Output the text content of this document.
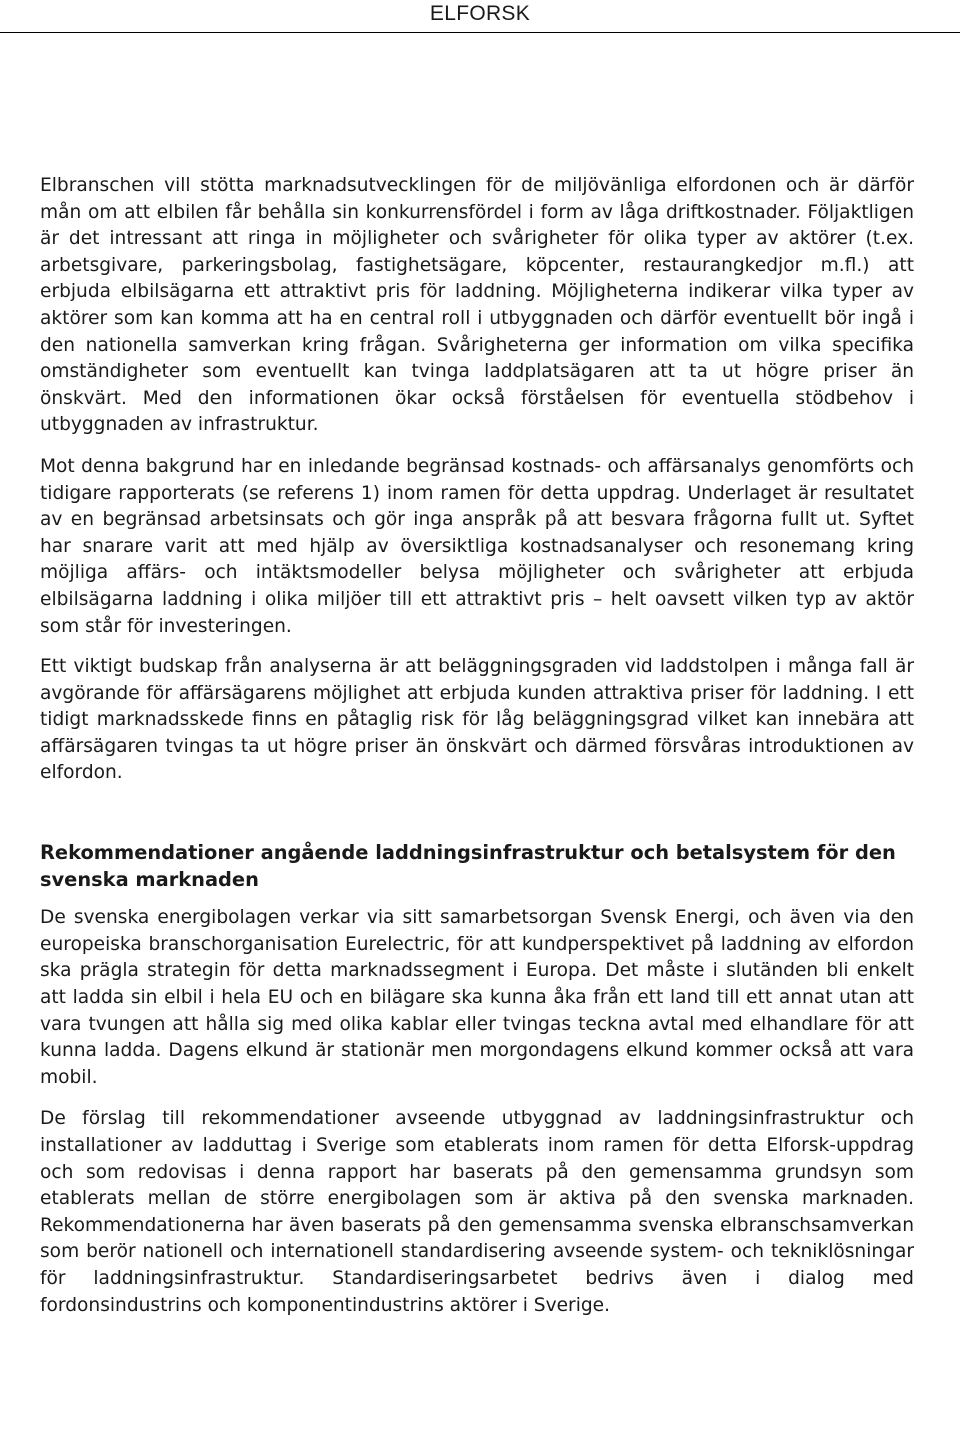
ELFORSK

Elbranschen vill stötta marknadsutvecklingen för de miljövänliga elfordonen och är därför mån om att elbilen får behålla sin konkurrensfördel i form av låga driftkostnader. Följaktligen är det intressant att ringa in möjligheter och svårigheter för olika typer av aktörer (t.ex. arbetsgivare, parkeringsbolag, fastighetsägare, köpcenter, restaurangkedjor m.fl.) att erbjuda elbilsägarna ett attraktivt pris för laddning. Möjligheterna indikerar vilka typer av aktörer som kan komma att ha en central roll i utbyggnaden och därför eventuellt bör ingå i den nationella samverkan kring frågan. Svårigheterna ger information om vilka specifika omständigheter som eventuellt kan tvinga laddplatsägaren att ta ut högre priser än önskvärt. Med den informationen ökar också förståelsen för eventuella stödbehov i utbyggnaden av infrastruktur.

Mot denna bakgrund har en inledande begränsad kostnads- och affärsanalys genomförts och tidigare rapporterats (se referens 1) inom ramen för detta uppdrag. Underlaget är resultatet av en begränsad arbetsinsats och gör inga anspråk på att besvara frågorna fullt ut. Syftet har snarare varit att med hjälp av översiktliga kostnadsanalyser och resonemang kring möjliga affärs- och intäktsmodeller belysa möjligheter och svårigheter att erbjuda elbilsägarna laddning i olika miljöer till ett attraktivt pris – helt oavsett vilken typ av aktör som står för investeringen.

Ett viktigt budskap från analyserna är att beläggningsgraden vid laddstolpen i många fall är avgörande för affärsägarens möjlighet att erbjuda kunden attraktiva priser för laddning. I ett tidigt marknadsskede finns en påtaglig risk för låg beläggningsgrad vilket kan innebära att affärsägaren tvingas ta ut högre priser än önskvärt och därmed försvåras introduktionen av elfordon.

Rekommendationer angående laddningsinfrastruktur och betalsystem för den svenska marknaden

De svenska energibolagen verkar via sitt samarbetsorgan Svensk Energi, och även via den europeiska branschorganisation Eurelectric, för att kundperspektivet på laddning av elfordon ska prägla strategin för detta marknadssegment i Europa. Det måste i slutänden bli enkelt att ladda sin elbil i hela EU och en bilägare ska kunna åka från ett land till ett annat utan att vara tvungen att hålla sig med olika kablar eller tvingas teckna avtal med elhandlare för att kunna ladda. Dagens elkund är stationär men morgondagens elkund kommer också att vara mobil.

De förslag till rekommendationer avseende utbyggnad av laddningsinfrastruktur och installationer av ladduttag i Sverige som etablerats inom ramen för detta Elforsk-uppdrag och som redovisas i denna rapport har baserats på den gemensamma grundsyn som etablerats mellan de större energibolagen som är aktiva på den svenska marknaden. Rekommendationerna har även baserats på den gemensamma svenska elbranschsamverkan som berör nationell och internationell standardisering avseende system- och tekniklösningar för laddningsinfrastruktur. Standardiseringsarbetet bedrivs även i dialog med fordonsindustrins och komponentindustrins aktörer i Sverige.
